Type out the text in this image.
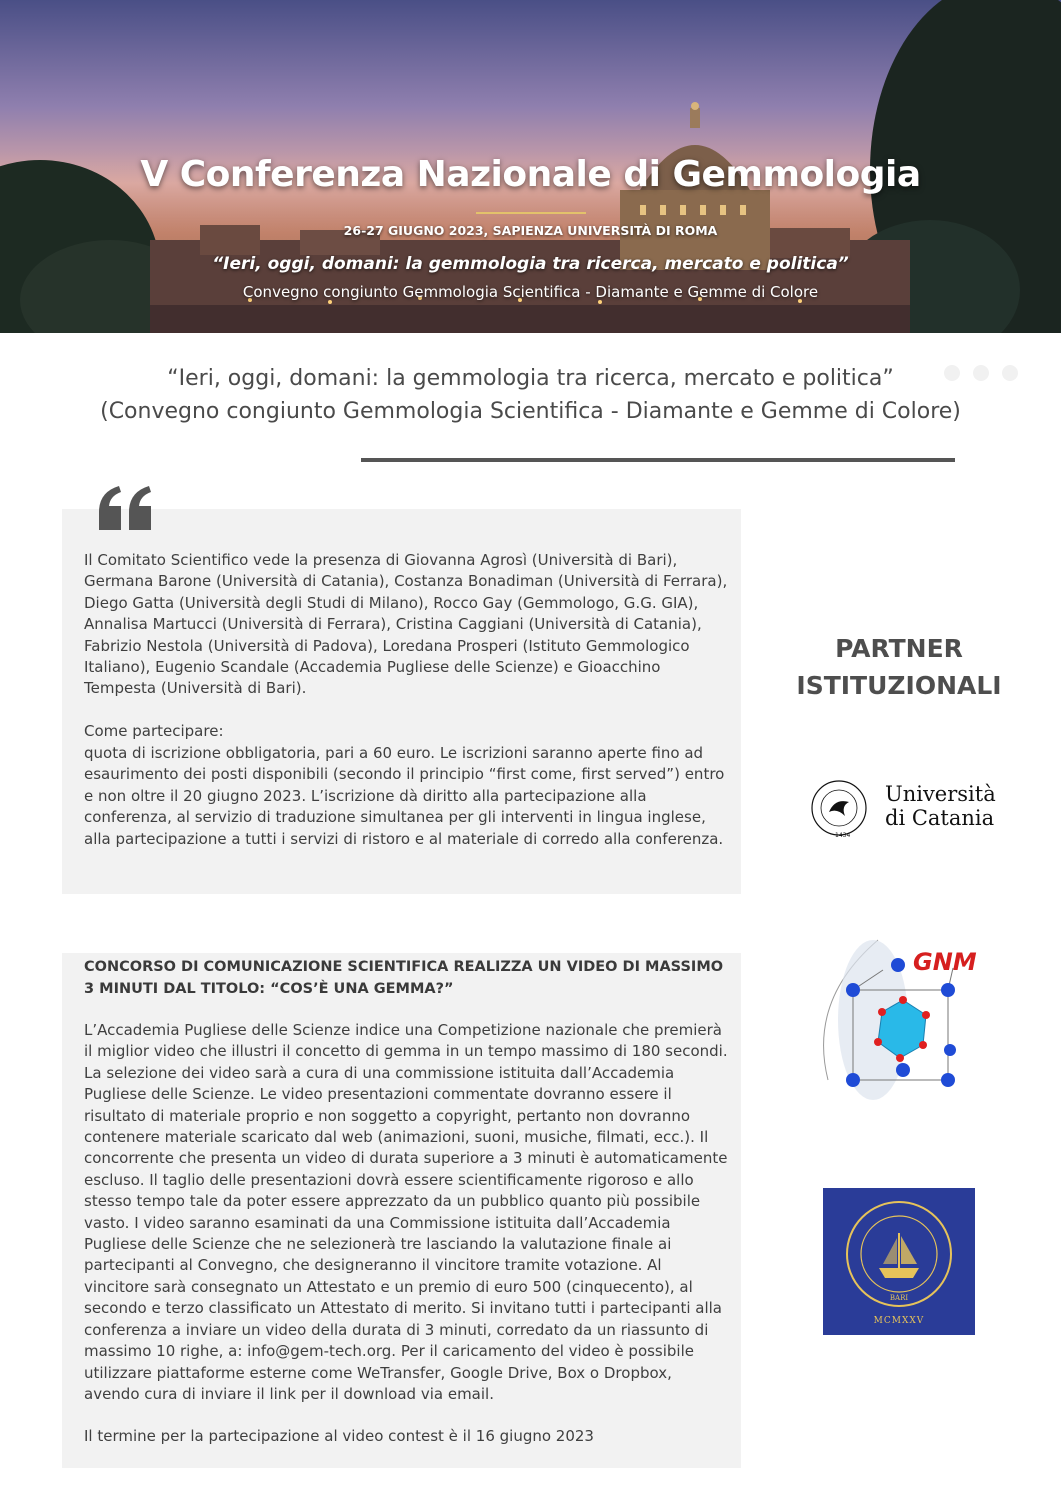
V Conferenza Nazionale di Gemmologia
26-27 GIUGNO 2023, SAPIENZA UNIVERSITÀ DI ROMA
“Ieri, oggi, domani: la gemmologia tra ricerca, mercato e politica”
Convegno congiunto Gemmologia Scientifica - Diamante e Gemme di Colore
“Ieri, oggi, domani: la gemmologia tra ricerca, mercato e politica”
(Convegno congiunto Gemmologia Scientifica - Diamante e Gemme di Colore)
Il Comitato Scientifico vede la presenza di Giovanna Agrosì (Università di Bari), Germana Barone (Università di Catania), Costanza Bonadiman (Università di Ferrara), Diego Gatta (Università degli Studi di Milano), Rocco Gay (Gemmologo, G.G. GIA), Annalisa Martucci (Università di Ferrara), Cristina Caggiani (Università di Catania), Fabrizio Nestola (Università di Padova), Loredana Prosperi (Istituto Gemmologico Italiano), Eugenio Scandale (Accademia Pugliese delle Scienze) e Gioacchino Tempesta (Università di Bari).
Come partecipare:
quota di iscrizione obbligatoria, pari a 60 euro. Le iscrizioni saranno aperte fino ad esaurimento dei posti disponibili (secondo il principio “first come, first served”) entro e non oltre il 20 giugno 2023. L’iscrizione dà diritto alla partecipazione alla conferenza, al servizio di traduzione simultanea per gli interventi in lingua inglese, alla partecipazione a tutti i servizi di ristoro e al materiale di corredo alla conferenza.
CONCORSO DI COMUNICAZIONE SCIENTIFICA REALIZZA UN VIDEO DI MASSIMO 3 MINUTI DAL TITOLO: “COS’È UNA GEMMA?”
L’Accademia Pugliese delle Scienze indice una Competizione nazionale che premierà il miglior video che illustri il concetto di gemma in un tempo massimo di 180 secondi. La selezione dei video sarà a cura di una commissione istituita dall’Accademia Pugliese delle Scienze. Le video presentazioni commentate dovranno essere il risultato di materiale proprio e non soggetto a copyright, pertanto non dovranno contenere materiale scaricato dal web (animazioni, suoni, musiche, filmati, ecc.). Il concorrente che presenta un video di durata superiore a 3 minuti è automaticamente escluso. Il taglio delle presentazioni dovrà essere scientificamente rigoroso e allo stesso tempo tale da poter essere apprezzato da un pubblico quanto più possibile vasto. I video saranno esaminati da una Commissione istituita dall’Accademia Pugliese delle Scienze che ne selezionerà tre lasciando la valutazione finale ai partecipanti al Convegno, che designeranno il vincitore tramite votazione. Al vincitore sarà consegnato un Attestato e un premio di euro 500 (cinquecento), al secondo e terzo classificato un Attestato di merito. Si invitano tutti i partecipanti alla conferenza a inviare un video della durata di 3 minuti, corredato da un riassunto di massimo 10 righe, a: info@gem-tech.org. Per il caricamento del video è possibile utilizzare piattaforme esterne come WeTransfer, Google Drive, Box o Dropbox, avendo cura di inviare il link per il download via email.
Il termine per la partecipazione al video contest è il 16 giugno 2023
PARTNER
ISTITUZIONALI
1434
Università
di Catania
GNM
BARI
MCMXXV
